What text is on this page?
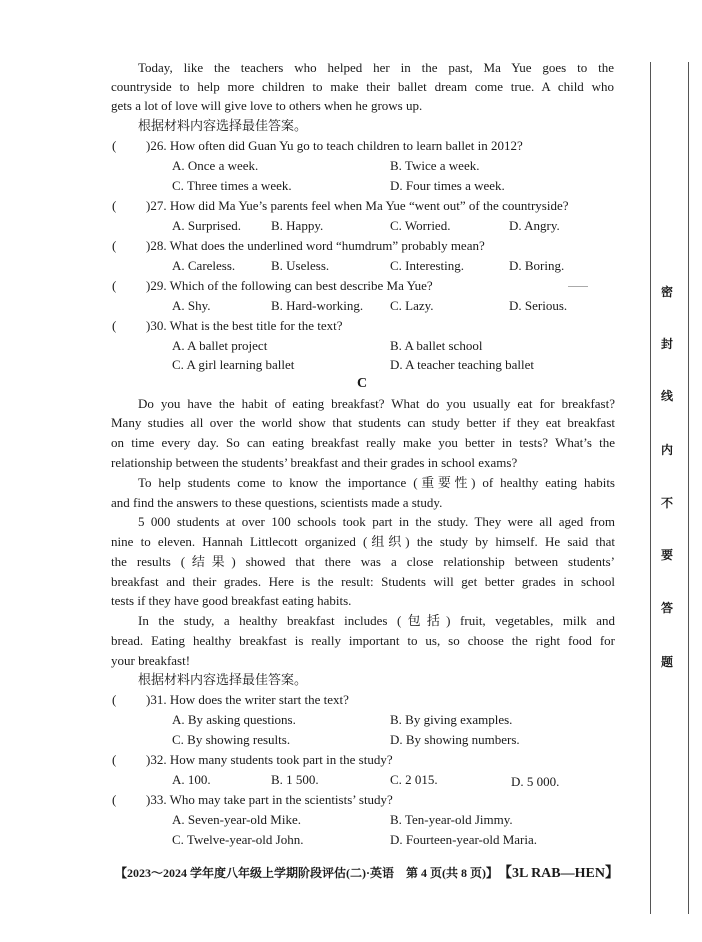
Today, like the teachers who helped her in the past, Ma Yue goes to the
countryside to help more children to make their ballet dream come true. A child who
gets a lot of love will give love to others when he grows up.
根据材料内容选择最佳答案。
( )26. How often did Guan Yu go to teach children to learn ballet in 2012?
A. Once a week.	B. Twice a week.
C. Three times a week.	D. Four times a week.
( )27. How did Ma Yue’s parents feel when Ma Yue “went out” of the countryside?
A. Surprised. B. Happy.	C. Worried.	D. Angry.
( )28. What does the underlined word “humdrum” probably mean?
A. Careless.	B. Useless.	C. Interesting.	D. Boring.
( )29. Which of the following can best describe Ma Yue?
A. Shy.	B. Hard-working. C. Lazy.	D. Serious.
( )30. What is the best title for the text?
A. A ballet project	B. A ballet school
C. A girl learning ballet	D. A teacher teaching ballet
C
Do you have the habit of eating breakfast? What do you usually eat for breakfast?
Many studies all over the world show that students can study better if they eat breakfast
on time every day. So can eating breakfast really make you better in tests? What’s the
relationship between the students’ breakfast and their grades in school exams?
To help students come to know the importance (重要性) of healthy eating habits
and find the answers to these questions, scientists made a study.
5 000 students at over 100 schools took part in the study. They were all aged from
nine to eleven. Hannah Littlecott organized (组织) the study by himself. He said that
the results (结果) showed that there was a close relationship between students’
breakfast and their grades. Here is the result: Students will get better grades in school
tests if they have good breakfast eating habits.
In the study, a healthy breakfast includes (包括) fruit, vegetables, milk and
bread. Eating healthy breakfast is really important to us, so choose the right food for
your breakfast!
根据材料内容选择最佳答案。
( )31. How does the writer start the text?
A. By asking questions.	B. By giving examples.
C. By showing results.	D. By showing numbers.
( )32. How many students took part in the study?
A. 100.	B. 1 500.	C. 2 015.	D. 5 000.
( )33. Who may take part in the scientists’ study?
A. Seven-year-old Mike.	B. Ten-year-old Jimmy.
C. Twelve-year-old John.	D. Fourteen-year-old Maria.
【2023～2024 学年度八年级上学期阶段评估(二)·英语　第 4 页(共 8 页)】 【3L RAB—HEN】
密
封
线
内
不
要
答
题
